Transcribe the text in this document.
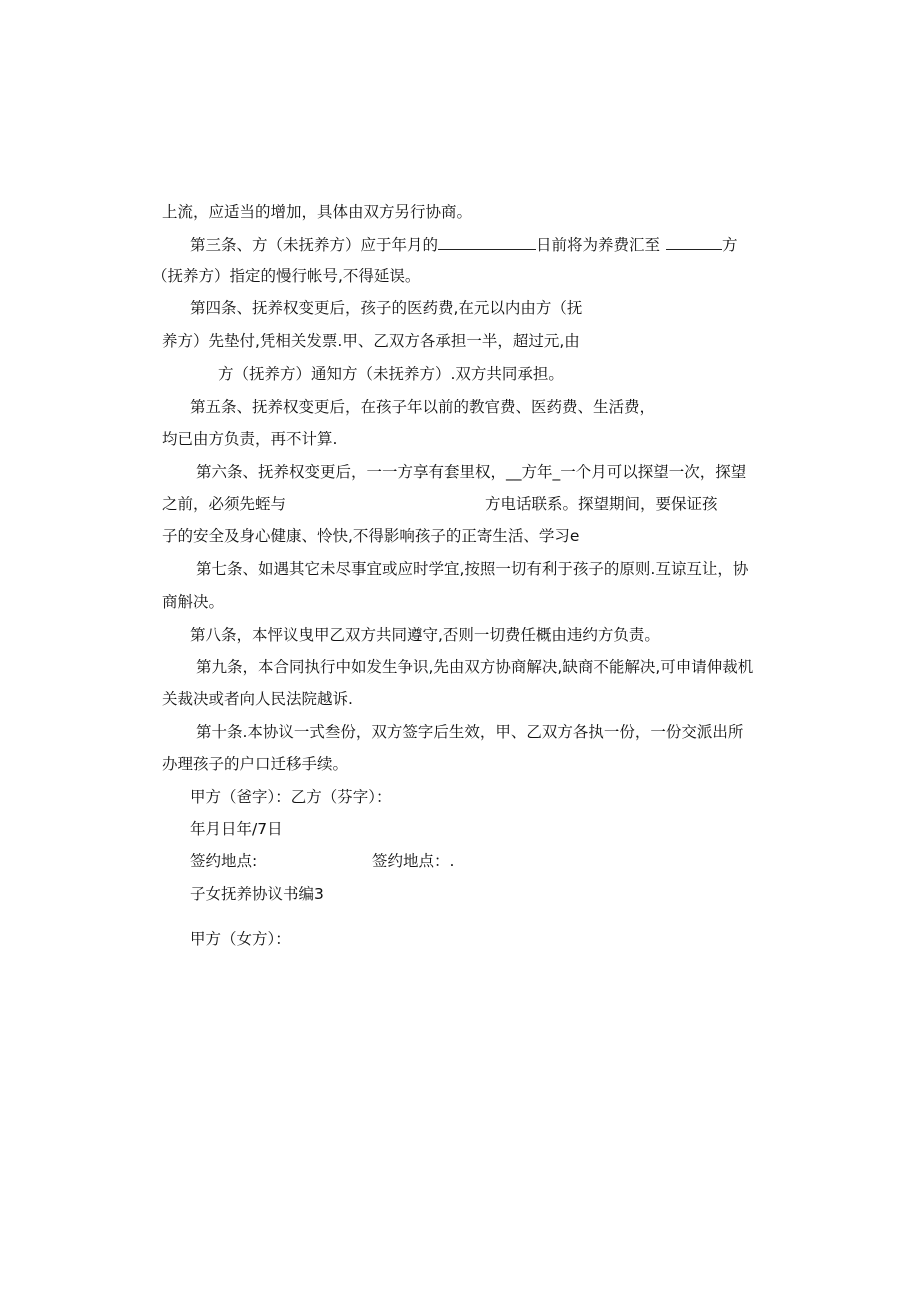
上流，应适当的增加，具体由双方另行协商。
第三条、方（未抚养方）应于年月的	日前将为养费汇至	方
（抚养方）指定的慢行帐号,不得延误。
第四条、抚养权变更后，孩子的医药费,在元以内由方（抚
养方）先垫付,凭相关发票.甲、乙双方各承担一半，超过元,由
方（抚养方）通知方（未抚养方）.双方共同承担。
第五条、抚养权变更后，在孩子年以前的教官费、医药费、生活费，
均已由方负责，再不计算.
第六条、抚养权变更后，一一方享有套里权，__方年_一个月可以探望一次，探望
之前，必须先蛭与	方电话联系。探望期间，要保证孩
子的安全及身心健康、怜快,不得影响孩子的正寄生活、学习e
第七条、如遇其它未尽事宜或应时学宜,按照一切有利于孩子的原则.互谅互让，协
商斛决。
第八条，本怦议曳甲乙双方共同遵守,否则一切费任概由违约方负责。
第九条，本合同执行中如发生争识,先由双方协商解决,缺商不能解决,可申请伸裁机
关裁决或者向人民法院越诉.
第十条.本协议一式叁份，双方签字后生效，甲、乙双方各执一份，一份交派出所
办理孩子的户口迁移手续。
甲方（爸字）：乙方（芬字）：
年月日年/7日
签约地点:	签约地点：.
子女抚养协议书编3
甲方（女方）：
